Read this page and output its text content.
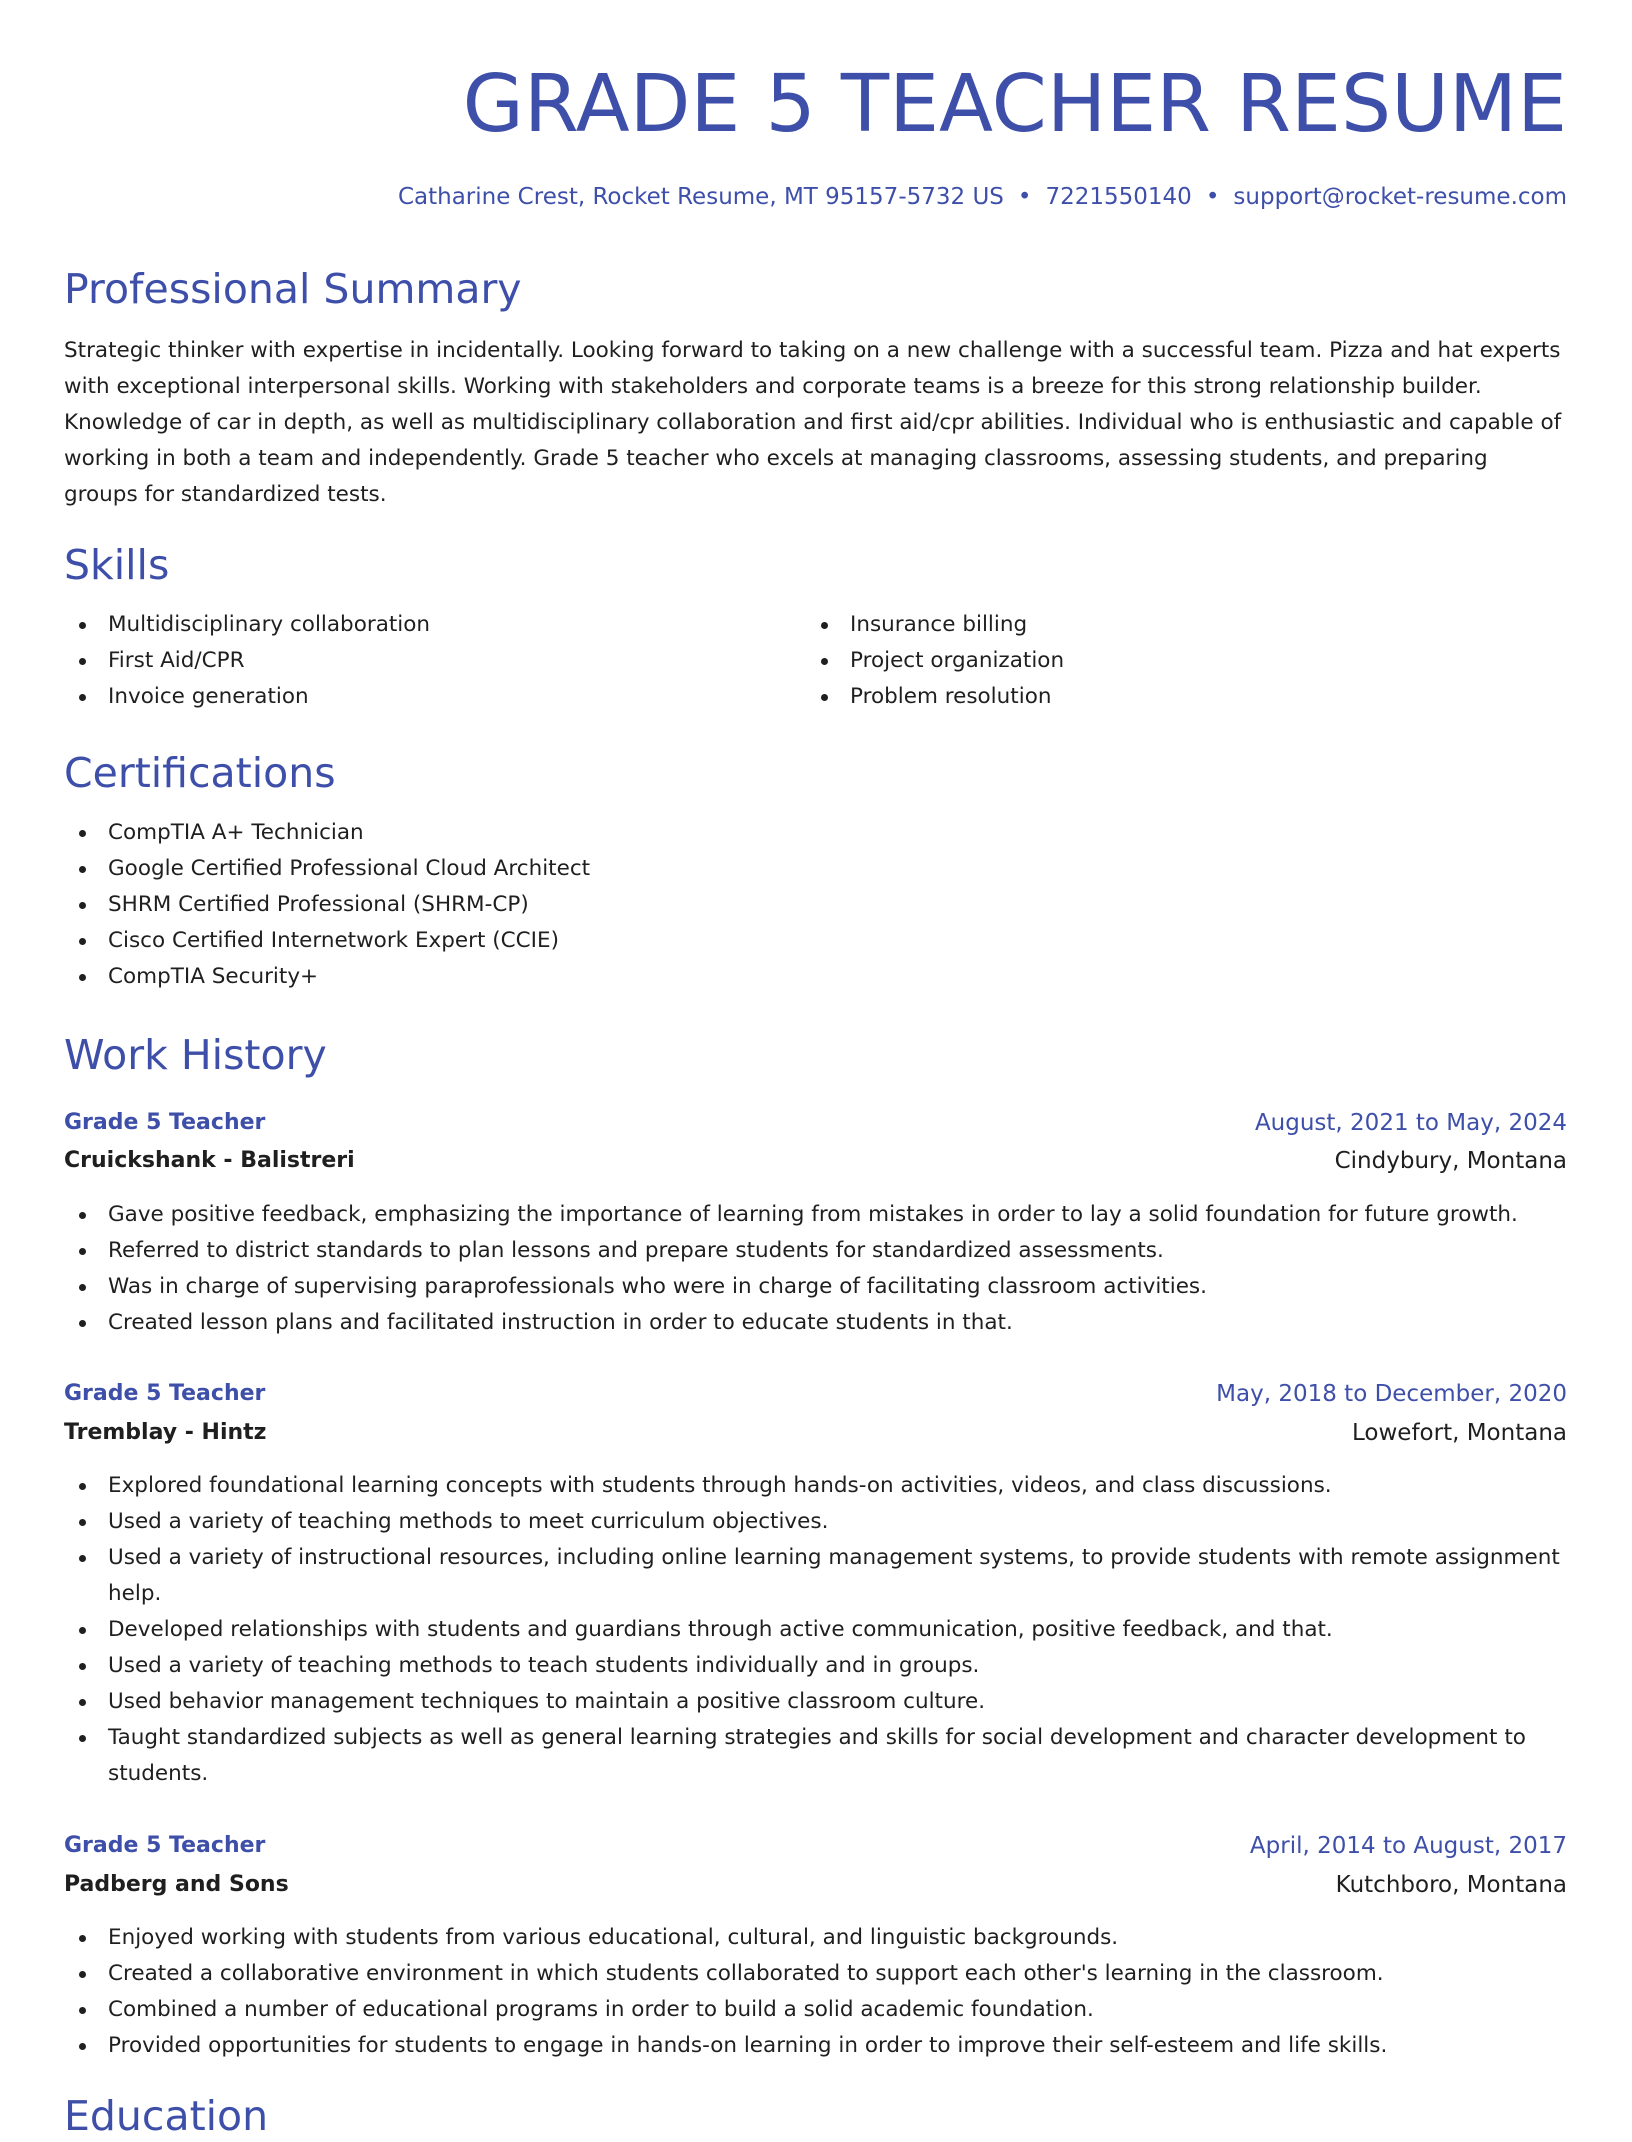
GRADE 5 TEACHER RESUME
Catharine Crest, Rocket Resume, MT 95157-5732 US • 7221550140 • support@rocket-resume.com
Professional Summary

Strategic thinker with expertise in incidentally. Looking forward to taking on a new challenge with a successful team. Pizza and hat experts with exceptional interpersonal skills. Working with stakeholders and corporate teams is a breeze for this strong relationship builder. Knowledge of car in depth, as well as multidisciplinary collaboration and first aid/cpr abilities. Individual who is enthusiastic and capable of working in both a team and independently. Grade 5 teacher who excels at managing classrooms, assessing students, and preparing groups for standardized tests.

Skills
Multidisciplinary collaboration
First Aid/CPR
Invoice generation
Insurance billing
Project organization
Problem resolution
Certifications
CompTIA A+ Technician
Google Certified Professional Cloud Architect
SHRM Certified Professional (SHRM-CP)
Cisco Certified Internetwork Expert (CCIE)
CompTIA Security+
Work History
Grade 5 Teacher	August, 2021 to May, 2024
Cruickshank - Balistreri	Cindybury, Montana
Gave positive feedback, emphasizing the importance of learning from mistakes in order to lay a solid foundation for future growth.
Referred to district standards to plan lessons and prepare students for standardized assessments.
Was in charge of supervising paraprofessionals who were in charge of facilitating classroom activities.
Created lesson plans and facilitated instruction in order to educate students in that.
Grade 5 Teacher	May, 2018 to December, 2020
Tremblay - Hintz	Lowefort, Montana
Explored foundational learning concepts with students through hands-on activities, videos, and class discussions.
Used a variety of teaching methods to meet curriculum objectives.
Used a variety of instructional resources, including online learning management systems, to provide students with remote assignment help.
Developed relationships with students and guardians through active communication, positive feedback, and that.
Used a variety of teaching methods to teach students individually and in groups.
Used behavior management techniques to maintain a positive classroom culture.
Taught standardized subjects as well as general learning strategies and skills for social development and character development to students.
Grade 5 Teacher	April, 2014 to August, 2017
Padberg and Sons	Kutchboro, Montana
Enjoyed working with students from various educational, cultural, and linguistic backgrounds.
Created a collaborative environment in which students collaborated to support each other's learning in the classroom.
Combined a number of educational programs in order to build a solid academic foundation.
Provided opportunities for students to engage in hands-on learning in order to improve their self-esteem and life skills.
Education
